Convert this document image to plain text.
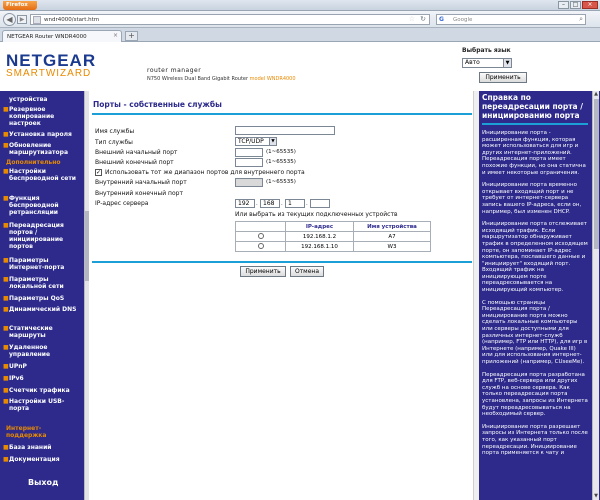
Firefox	–	□	×
◀	▶	wndr4000/start.htm	☆ ↻ G Google	⌕
NETGEAR Router WNDR4000	×	+
NETGEAR
SMARTWIZARD	router manager
N750 Wireless Dual Band Gigabit Router model WNDR4000
Выбрать язык
Авто	▼
Применить
устройства
■ Резервное копирование настроек
■ Установка пароля
■ Обновление маршрутизатора
Дополнительно
■ Настройки беспроводной сети
■ Функция беспроводной ретрансляции
■ Переадресация портов / инициирование портов
■ Параметры Интернет-порта
■ Параметры локальной сети
■ Параметры QoS
■ Динамический DNS
■ Статические маршруты
■ Удаленное управление
■ UPnP
■ IPv6
■ Счетчик трафика
■ Настройки USB-порта
Интернет-поддержка
■ База знаний
■ Документация
Выход
Порты - собственные службы
Имя службы
Тип службы	TCP/UDP	▼
Внешний начальный порт	(1~65535)
Внешний конечный порт	(1~65535)
✓ Использовать тот же диапазон портов для внутреннего порта
Внутренний начальный порт	(1~65535)
Внутренний конечный порт
IP-адрес сервера	192	. 168	. 1	.
Или выбрать из текущих подключенных устройств
	IP-адрес	Имя устройства
	192.168.1.2	A7
	192.168.1.10	W3
Применить	Отмена
Справка по переадресации порта / инициированию порта
Инициирование порта - расширенная функция, которая может использоваться для игр и других интернет-приложений. Переадресация порта имеет похожие функции, но она статична и имеет некоторые ограничения.
Инициирование порта временно открывает входящий порт и не требует от интернет-сервера запись вашего IP-адреса, если он, например, был изменен DHCP.
Инициирование порта отслеживает исходящий трафик. Если маршрутизатор обнаруживает трафик в определенном исходящем порте, он запоминает IP-адрес компьютера, пославшего данные и "инициирует" входящий порт. Входящий трафик на инициирующем порте переадресовывается на инициирующий компьютер.
С помощью страницы Переадресация порта / инициирование порта можно сделать локальные компьютеры или серверы доступными для различных интернет-служб (например, FTP или HTTP), для игр в Интернете (например, Quake III) или для использования интернет-приложений (например, CUseeMe).
Переадресация порта разработана для FTP, веб-сервера или других служб на основе сервера. Как только переадресация порта установлена, запросы из Интернета будут переадресовываться на необходимый сервер.
Инициирование порта разрешает запросы из Интернета только после того, как указанный порт переадресации. Инициирование порта применяется к чату и
▲
▼
